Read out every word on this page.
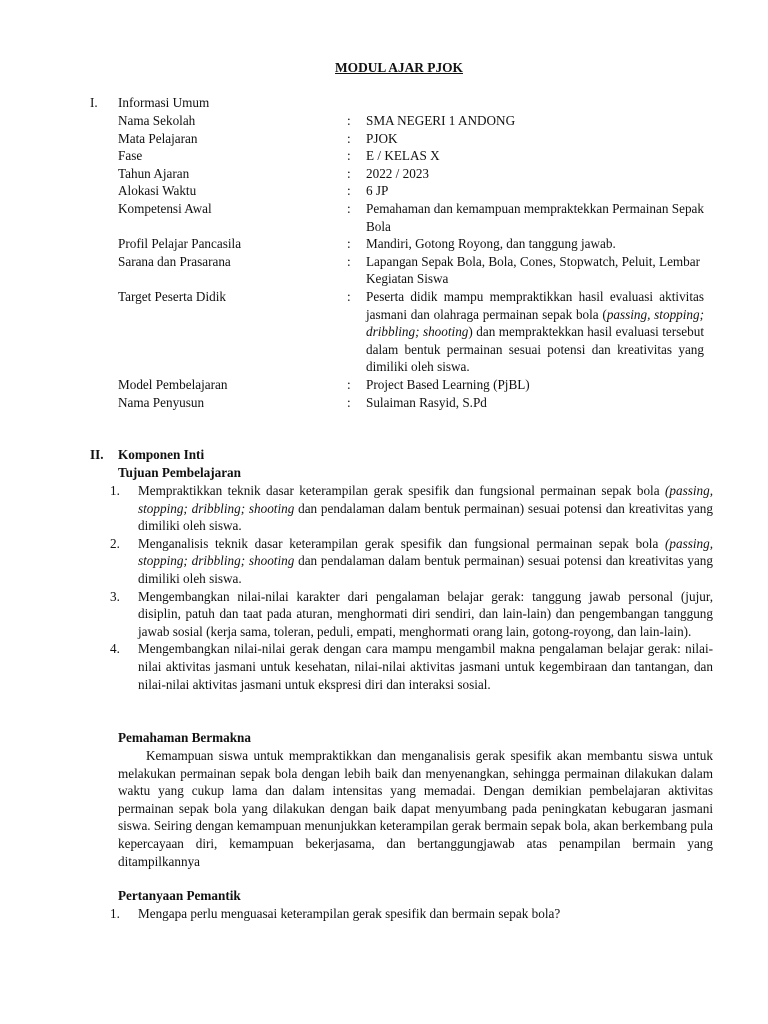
MODUL AJAR PJOK
I. Informasi Umum
Nama Sekolah	:	SMA NEGERI 1 ANDONG
Mata Pelajaran	:	PJOK
Fase	:	E / KELAS X
Tahun Ajaran	:	2022 / 2023
Alokasi Waktu	:	6 JP
Kompetensi Awal	:	Pemahaman dan kemampuan mempraktekkan Permainan Sepak Bola
Profil Pelajar Pancasila	:	Mandiri, Gotong Royong, dan tanggung jawab.
Sarana dan Prasarana	:	Lapangan Sepak Bola, Bola, Cones, Stopwatch, Peluit, Lembar Kegiatan Siswa
Target Peserta Didik	:	Peserta didik mampu mempraktikkan hasil evaluasi aktivitas jasmani dan olahraga permainan sepak bola (passing, stopping; dribbling; shooting) dan mempraktekkan hasil evaluasi tersebut dalam bentuk permainan sesuai potensi dan kreativitas yang dimiliki oleh siswa.
Model Pembelajaran	:	Project Based Learning (PjBL)
Nama Penyusun	:	Sulaiman Rasyid, S.Pd
II. Komponen Inti
Tujuan Pembelajaran
1. Mempraktikkan teknik dasar keterampilan gerak spesifik dan fungsional permainan sepak bola (passing, stopping; dribbling; shooting dan pendalaman dalam bentuk permainan) sesuai potensi dan kreativitas yang dimiliki oleh siswa.
2. Menganalisis teknik dasar keterampilan gerak spesifik dan fungsional permainan sepak bola (passing, stopping; dribbling; shooting dan pendalaman dalam bentuk permainan) sesuai potensi dan kreativitas yang dimiliki oleh siswa.
3. Mengembangkan nilai-nilai karakter dari pengalaman belajar gerak: tanggung jawab personal (jujur, disiplin, patuh dan taat pada aturan, menghormati diri sendiri, dan lain-lain) dan pengembangan tanggung jawab sosial (kerja sama, toleran, peduli, empati, menghormati orang lain, gotong-royong, dan lain-lain).
4. Mengembangkan nilai-nilai gerak dengan cara mampu mengambil makna pengalaman belajar gerak: nilai-nilai aktivitas jasmani untuk kesehatan, nilai-nilai aktivitas jasmani untuk kegembiraan dan tantangan, dan nilai-nilai aktivitas jasmani untuk ekspresi diri dan interaksi sosial.
Pemahaman Bermakna
Kemampuan siswa untuk mempraktikkan dan menganalisis gerak spesifik akan membantu siswa untuk melakukan permainan sepak bola dengan lebih baik dan menyenangkan, sehingga permainan dilakukan dalam waktu yang cukup lama dan dalam intensitas yang memadai. Dengan demikian pembelajaran aktivitas permainan sepak bola yang dilakukan dengan baik dapat menyumbang pada peningkatan kebugaran jasmani siswa. Seiring dengan kemampuan menunjukkan keterampilan gerak bermain sepak bola, akan berkembang pula kepercayaan diri, kemampuan bekerjasama, dan bertanggungjawab atas penampilan bermain yang ditampilkannya
Pertanyaan Pemantik
1. Mengapa perlu menguasai keterampilan gerak spesifik dan bermain sepak bola?
